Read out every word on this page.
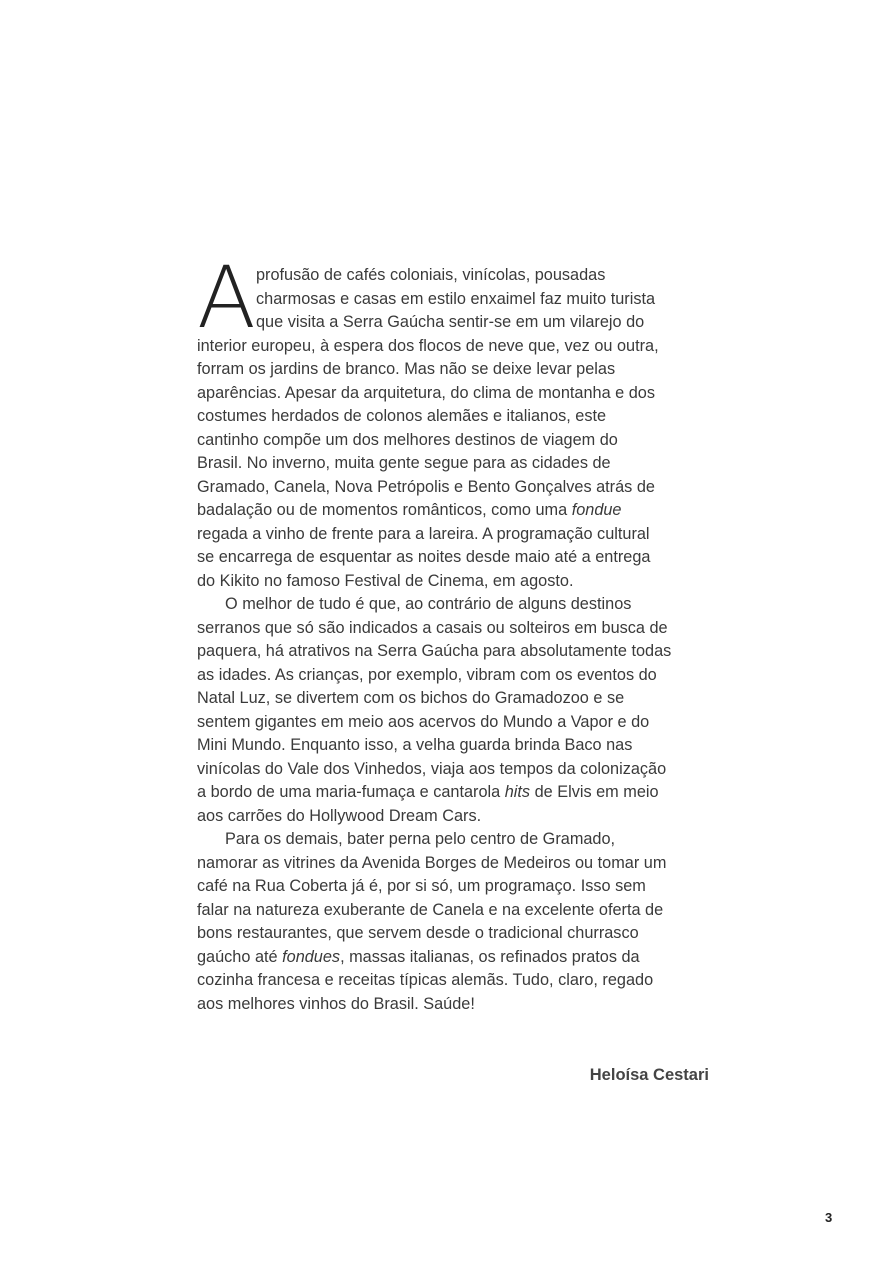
A profusão de cafés coloniais, vinícolas, pousadas
charmosas e casas em estilo enxaimel faz muito turista
que visita a Serra Gaúcha sentir-se em um vilarejo do
interior europeu, à espera dos flocos de neve que, vez ou outra,
forram os jardins de branco. Mas não se deixe levar pelas
aparências. Apesar da arquitetura, do clima de montanha e dos
costumes herdados de colonos alemães e italianos, este
cantinho compõe um dos melhores destinos de viagem do
Brasil. No inverno, muita gente segue para as cidades de
Gramado, Canela, Nova Petrópolis e Bento Gonçalves atrás de
badalação ou de momentos românticos, como uma fondue
regada a vinho de frente para a lareira. A programação cultural
se encarrega de esquentar as noites desde maio até a entrega
do Kikito no famoso Festival de Cinema, em agosto.
O melhor de tudo é que, ao contrário de alguns destinos
serranos que só são indicados a casais ou solteiros em busca de
paquera, há atrativos na Serra Gaúcha para absolutamente todas
as idades. As crianças, por exemplo, vibram com os eventos do
Natal Luz, se divertem com os bichos do Gramadozoo e se
sentem gigantes em meio aos acervos do Mundo a Vapor e do
Mini Mundo. Enquanto isso, a velha guarda brinda Baco nas
vinícolas do Vale dos Vinhedos, viaja aos tempos da colonização
a bordo de uma maria-fumaça e cantarola hits de Elvis em meio
aos carrões do Hollywood Dream Cars.
Para os demais, bater perna pelo centro de Gramado,
namorar as vitrines da Avenida Borges de Medeiros ou tomar um
café na Rua Coberta já é, por si só, um programaço. Isso sem
falar na natureza exuberante de Canela e na excelente oferta de
bons restaurantes, que servem desde o tradicional churrasco
gaúcho até fondues, massas italianas, os refinados pratos da
cozinha francesa e receitas típicas alemãs. Tudo, claro, regado
aos melhores vinhos do Brasil. Saúde!
Heloísa Cestari
3
